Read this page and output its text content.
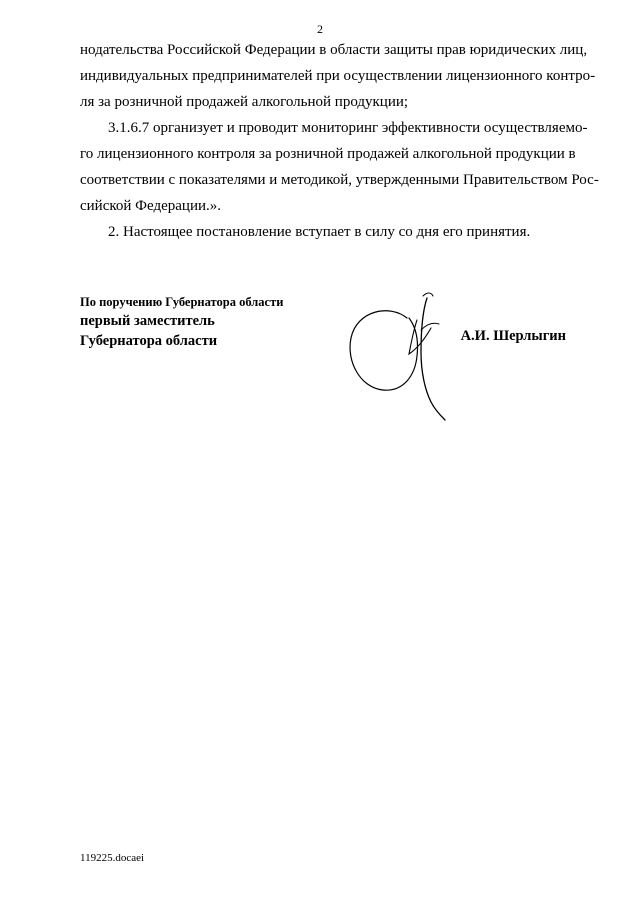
2
нодательства Российской Федерации в области защиты прав юридических лиц,
индивидуальных предпринимателей при осуществлении лицензионного контро-
ля за розничной продажей алкогольной продукции;
3.1.6.7 организует и проводит мониторинг эффективности осуществляемо-
го лицензионного контроля за розничной продажей алкогольной продукции в
соответствии с показателями и методикой, утвержденными Правительством Рос-
сийской Федерации.».
2. Настоящее постановление вступает в силу со дня его принятия.
По поручению Губернатора области
первый заместитель
Губернатора области	А.И. Шерлыгин
119225.docaei
